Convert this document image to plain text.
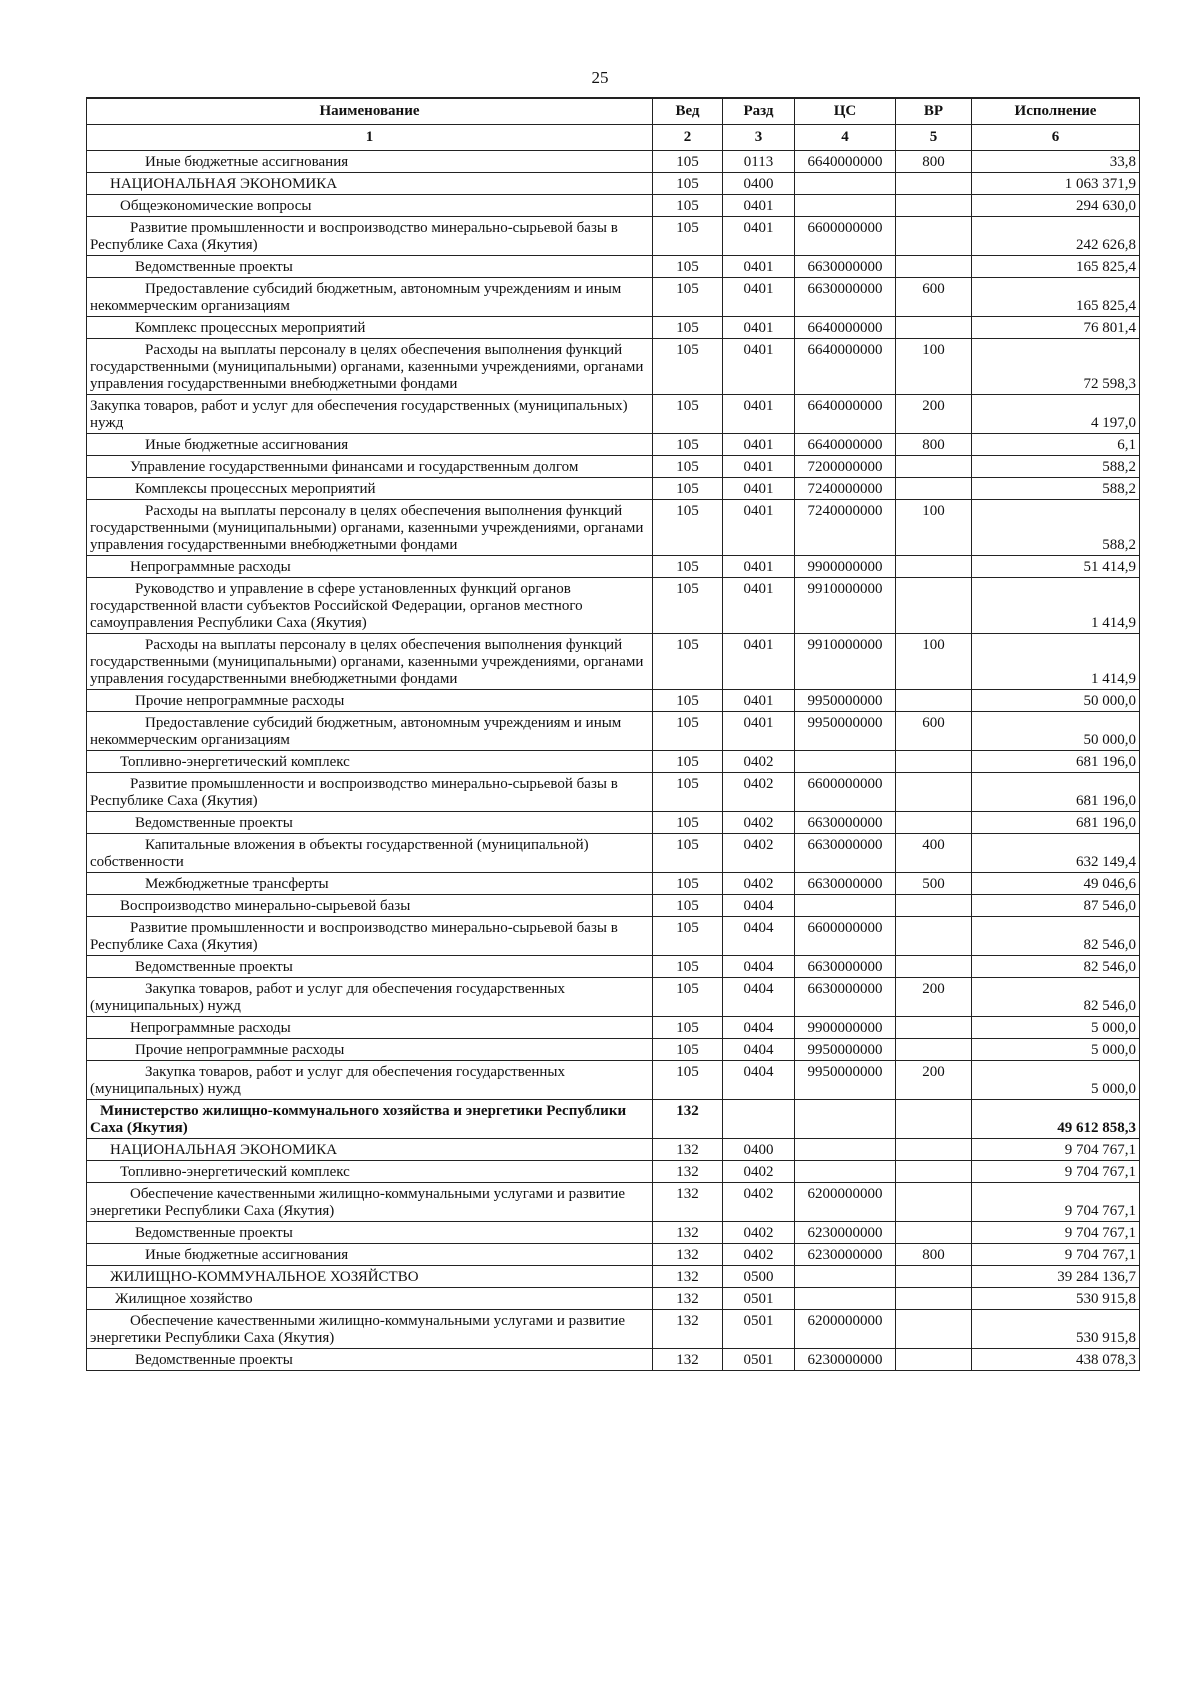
25
Наименование	Вед	Разд	ЦС	ВР	Исполнение
1	2	3	4	5	6

Иные бюджетные ассигнования	105	0113	6640000000	800	33,8

НАЦИОНАЛЬНАЯ ЭКОНОМИКА	105	0400			1 063 371,9

Общеэкономические вопросы	105	0401			294 630,0

Развитие промышленности и воспроизводство минерально-сырьевой базы в Республике Саха (Якутия)	105	0401	6600000000		242 626,8

Ведомственные проекты	105	0401	6630000000		165 825,4

Предоставление субсидий бюджетным, автономным учреждениям и иным некоммерческим организациям	105	0401	6630000000	600	165 825,4

Комплекс процессных мероприятий	105	0401	6640000000		76 801,4

Расходы на выплаты персоналу в целях обеспечения выполнения функций государственными (муниципальными) органами, казенными учреждениями, органами управления государственными внебюджетными фондами	105	0401	6640000000	100	72 598,3

Закупка товаров, работ и услуг для обеспечения государственных (муниципальных) нужд	105	0401	6640000000	200	4 197,0

Иные бюджетные ассигнования	105	0401	6640000000	800	6,1

Управление государственными финансами и государственным долгом	105	0401	7200000000		588,2

Комплексы процессных мероприятий	105	0401	7240000000		588,2

Расходы на выплаты персоналу в целях обеспечения выполнения функций государственными (муниципальными) органами, казенными учреждениями, органами управления государственными внебюджетными фондами	105	0401	7240000000	100	588,2

Непрограммные расходы	105	0401	9900000000		51 414,9

Руководство и управление в сфере установленных функций органов государственной власти субъектов Российской Федерации, органов местного самоуправления Республики Саха (Якутия)	105	0401	9910000000		1 414,9

Расходы на выплаты персоналу в целях обеспечения выполнения функций государственными (муниципальными) органами, казенными учреждениями, органами управления государственными внебюджетными фондами	105	0401	9910000000	100	1 414,9

Прочие непрограммные расходы	105	0401	9950000000		50 000,0

Предоставление субсидий бюджетным, автономным учреждениям и иным некоммерческим организациям	105	0401	9950000000	600	50 000,0

Топливно-энергетический комплекс	105	0402			681 196,0

Развитие промышленности и воспроизводство минерально-сырьевой базы в Республике Саха (Якутия)	105	0402	6600000000		681 196,0

Ведомственные проекты	105	0402	6630000000		681 196,0

Капитальные вложения в объекты государственной (муниципальной) собственности	105	0402	6630000000	400	632 149,4

Межбюджетные трансферты	105	0402	6630000000	500	49 046,6

Воспроизводство минерально-сырьевой базы	105	0404			87 546,0

Развитие промышленности и воспроизводство минерально-сырьевой базы в Республике Саха (Якутия)	105	0404	6600000000		82 546,0

Ведомственные проекты	105	0404	6630000000		82 546,0

Закупка товаров, работ и услуг для обеспечения государственных (муниципальных) нужд	105	0404	6630000000	200	82 546,0

Непрограммные расходы	105	0404	9900000000		5 000,0

Прочие непрограммные расходы	105	0404	9950000000		5 000,0

Закупка товаров, работ и услуг для обеспечения государственных (муниципальных) нужд	105	0404	9950000000	200	5 000,0

Министерство жилищно-коммунального хозяйства и энергетики Республики Саха (Якутия)	132				49 612 858,3

НАЦИОНАЛЬНАЯ ЭКОНОМИКА	132	0400			9 704 767,1

Топливно-энергетический комплекс	132	0402			9 704 767,1

Обеспечение качественными жилищно-коммунальными услугами и развитие энергетики Республики Саха (Якутия)	132	0402	6200000000		9 704 767,1

Ведомственные проекты	132	0402	6230000000		9 704 767,1

Иные бюджетные ассигнования	132	0402	6230000000	800	9 704 767,1

ЖИЛИЩНО-КОММУНАЛЬНОЕ ХОЗЯЙСТВО	132	0500			39 284 136,7

Жилищное хозяйство	132	0501			530 915,8

Обеспечение качественными жилищно-коммунальными услугами и развитие энергетики Республики Саха (Якутия)	132	0501	6200000000		530 915,8

Ведомственные проекты	132	0501	6230000000		438 078,3
